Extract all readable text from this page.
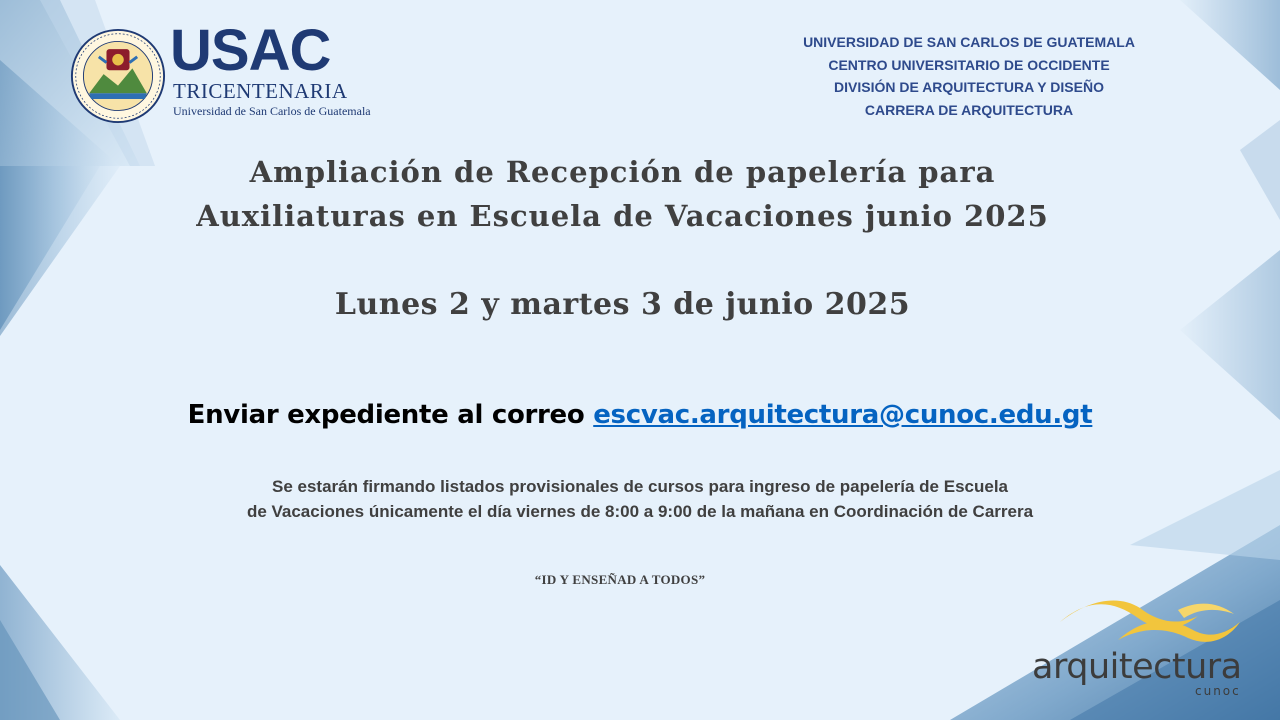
USAC
TRICENTENARIA
Universidad de San Carlos de Guatemala
UNIVERSIDAD DE SAN CARLOS DE GUATEMALA
CENTRO UNIVERSITARIO DE OCCIDENTE
DIVISIÓN DE ARQUITECTURA Y DISEÑO
CARRERA DE ARQUITECTURA
Ampliación de Recepción de papelería para
Auxiliaturas en Escuela de Vacaciones junio 2025
Lunes 2 y martes 3 de junio 2025
Enviar expediente al correo escvac.arquitectura@cunoc.edu.gt
Se estarán firmando listados provisionales de cursos para ingreso de papelería de Escuela
de Vacaciones únicamente el día viernes de 8:00 a 9:00 de la mañana en Coordinación de Carrera
“ID Y ENSEÑAD A TODOS”
arquitectura
cunoc
